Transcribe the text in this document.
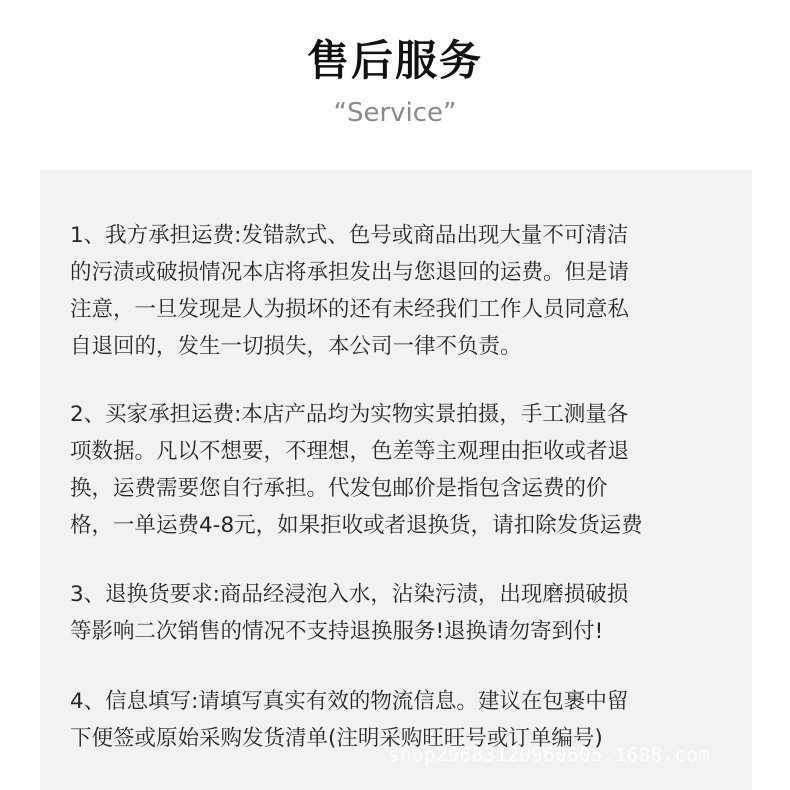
售后服务
“Service”
1、我方承担运费:发错款式、色号或商品出现大量不可清洁
的污渍或破损情况本店将承担发出与您退回的运费。但是请
注意，一旦发现是人为损坏的还有未经我们工作人员同意私
自退回的，发生一切损失，本公司一律不负责。
2、买家承担运费:本店产品均为实物实景拍摄，手工测量各
项数据。凡以不想要，不理想，色差等主观理由拒收或者退
换，运费需要您自行承担。代发包邮价是指包含运费的价
格，一单运费4-8元，如果拒收或者退换货，请扣除发货运费
3、退换货要求:商品经浸泡入水，沾染污渍，出现磨损破损
等影响二次销售的情况不支持退换服务!退换请勿寄到付!
4、信息填写:请填写真实有效的物流信息。建议在包裹中留
下便签或原始采购发货清单(注明采购旺旺号或订单编号)
shop29683120960605.1688.com
